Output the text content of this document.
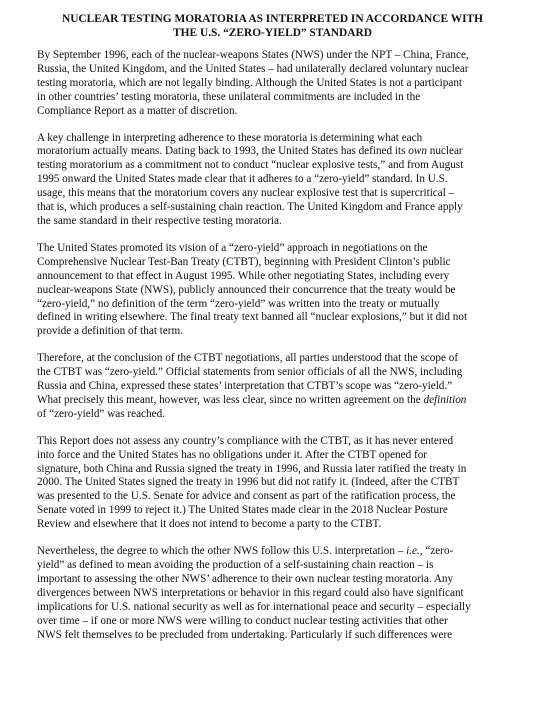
NUCLEAR TESTING MORATORIA AS INTERPRETED IN ACCORDANCE WITH
THE U.S. “ZERO-YIELD” STANDARD

By September 1996, each of the nuclear-weapons States (NWS) under the NPT – China, France,
Russia, the United Kingdom, and the United States – had unilaterally declared voluntary nuclear
testing moratoria, which are not legally binding. Although the United States is not a participant
in other countries’ testing moratoria, these unilateral commitments are included in the
Compliance Report as a matter of discretion.

A key challenge in interpreting adherence to these moratoria is determining what each
moratorium actually means. Dating back to 1993, the United States has defined its own nuclear
testing moratorium as a commitment not to conduct “nuclear explosive tests,” and from August
1995 onward the United States made clear that it adheres to a “zero-yield” standard. In U.S.
usage, this means that the moratorium covers any nuclear explosive test that is supercritical –
that is, which produces a self-sustaining chain reaction. The United Kingdom and France apply
the same standard in their respective testing moratoria.

The United States promoted its vision of a “zero-yield” approach in negotiations on the
Comprehensive Nuclear Test-Ban Treaty (CTBT), beginning with President Clinton’s public
announcement to that effect in August 1995. While other negotiating States, including every
nuclear-weapons State (NWS), publicly announced their concurrence that the treaty would be
“zero-yield,” no definition of the term “zero-yield” was written into the treaty or mutually
defined in writing elsewhere. The final treaty text banned all “nuclear explosions,” but it did not
provide a definition of that term.

Therefore, at the conclusion of the CTBT negotiations, all parties understood that the scope of
the CTBT was “zero-yield.” Official statements from senior officials of all the NWS, including
Russia and China, expressed these states’ interpretation that CTBT’s scope was “zero-yield.”
What precisely this meant, however, was less clear, since no written agreement on the definition
of “zero-yield” was reached.

This Report does not assess any country’s compliance with the CTBT, as it has never entered
into force and the United States has no obligations under it. After the CTBT opened for
signature, both China and Russia signed the treaty in 1996, and Russia later ratified the treaty in
2000. The United States signed the treaty in 1996 but did not ratify it. (Indeed, after the CTBT
was presented to the U.S. Senate for advice and consent as part of the ratification process, the
Senate voted in 1999 to reject it.) The United States made clear in the 2018 Nuclear Posture
Review and elsewhere that it does not intend to become a party to the CTBT.

Nevertheless, the degree to which the other NWS follow this U.S. interpretation – i.e., “zero-
yield” as defined to mean avoiding the production of a self-sustaining chain reaction – is
important to assessing the other NWS’ adherence to their own nuclear testing moratoria. Any
divergences between NWS interpretations or behavior in this regard could also have significant
implications for U.S. national security as well as for international peace and security – especially
over time – if one or more NWS were willing to conduct nuclear testing activities that other
NWS felt themselves to be precluded from undertaking. Particularly if such differences were
